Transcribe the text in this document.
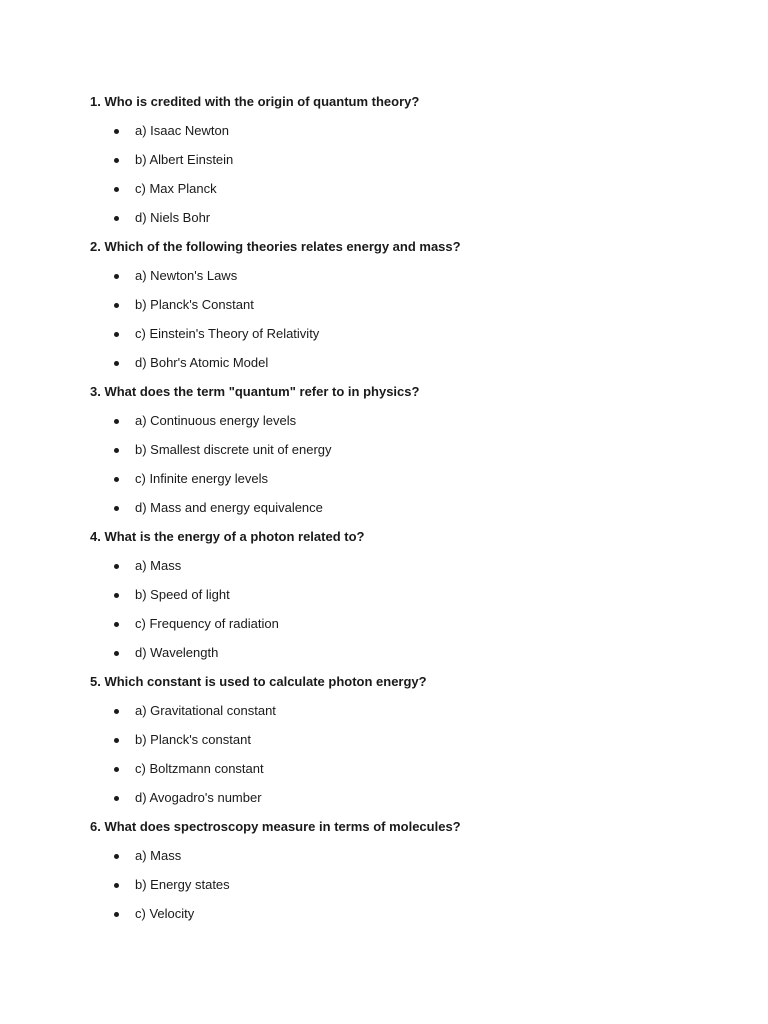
1. Who is credited with the origin of quantum theory?
a) Isaac Newton
b) Albert Einstein
c) Max Planck
d) Niels Bohr
2. Which of the following theories relates energy and mass?
a) Newton's Laws
b) Planck's Constant
c) Einstein's Theory of Relativity
d) Bohr's Atomic Model
3. What does the term "quantum" refer to in physics?
a) Continuous energy levels
b) Smallest discrete unit of energy
c) Infinite energy levels
d) Mass and energy equivalence
4. What is the energy of a photon related to?
a) Mass
b) Speed of light
c) Frequency of radiation
d) Wavelength
5. Which constant is used to calculate photon energy?
a) Gravitational constant
b) Planck's constant
c) Boltzmann constant
d) Avogadro's number
6. What does spectroscopy measure in terms of molecules?
a) Mass
b) Energy states
c) Velocity
